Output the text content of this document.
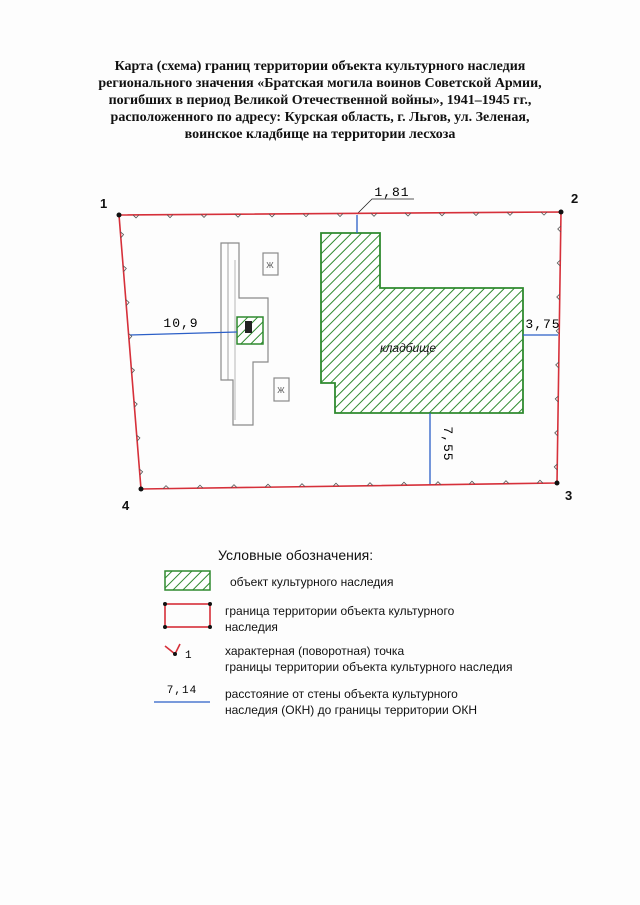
Карта (схема) границ территории объекта культурного наследия
регионального значения «Братская могила воинов Советской Армии,
погибших в период Великой Отечественной войны», 1941–1945 гг.,
расположенного по адресу: Курская область, г. Льгов, ул. Зеленая,
воинское кладбище на территории лесхоза
Ж
Ж
кладбище
1,81
10,9	3,75
7,55
1	2
3
4
1
7,14
Условные обозначения:
объект культурного наследия
граница территории объекта культурного
наследия
характерная (поворотная) точка
границы территории объекта культурного наследия
расстояние от стены объекта культурного
наследия (ОКН) до границы территории ОКН
